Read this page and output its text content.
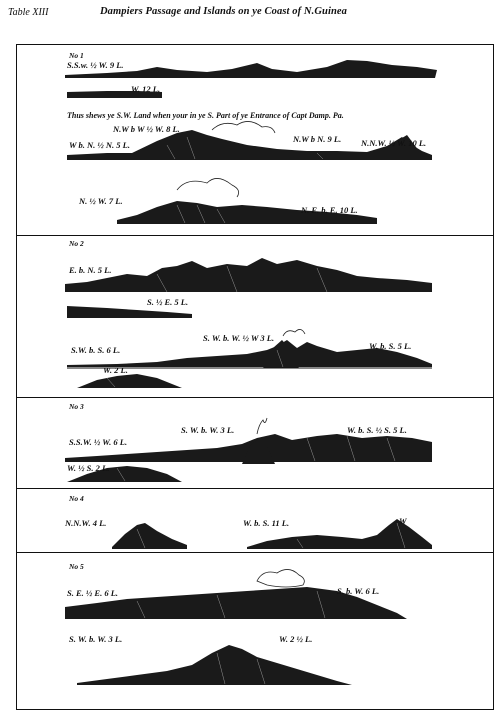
Table XIII	Dampiers Passage and Islands on ye Coast of N.Guinea
No 1
S.S.w. ½ W. 9 L.
W. 12 L.
Thus shews ye S.W. Land when your in ye S. Part of ye Entrance of Capt Damp. Pa.
N.W b W ½ W. 8 L.
W b. N. ½ N. 5 L.
N.W b N. 9 L. N.N.W. ½ W. 10 L.
N. ½ W. 7 L.
N. E. b. E. 10 L.
No 2
E. b. N. 5 L.
S. ½ E. 5 L.
S. W. b. W. ½ W 3 L.
S.W. b. S. 6 L.	W. b. S. 5 L.
W. 2 L.
No 3
S.S.W. ½ W. 6 L.
S. W. b. W. 3 L.	W. b. S. ½ S. 5 L.
W. ½ S. 2 L.
No 4
N.N.W. 4 L.	W. b. S. 11 L.	W
No 5
S. E. ½ E. 6 L.	S. b. W. 6 L.
S. W. b. W. 3 L.	W. 2 ½ L.
